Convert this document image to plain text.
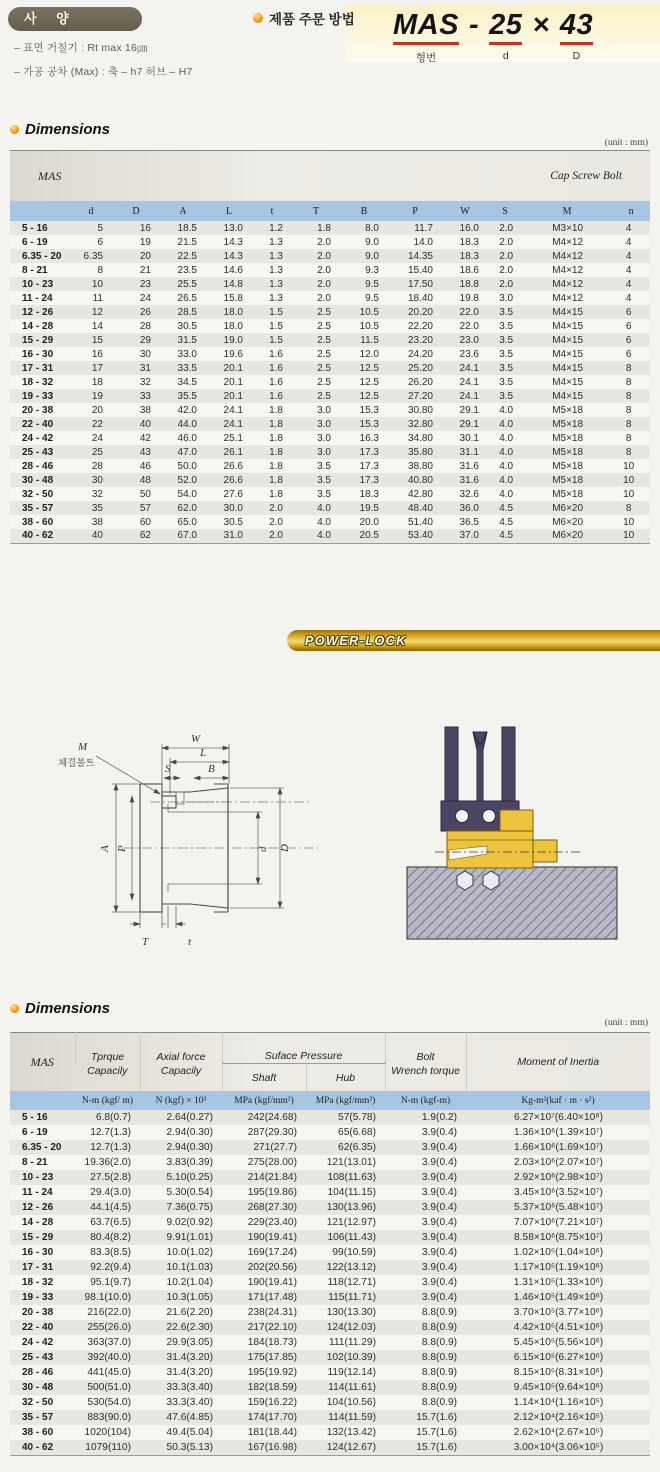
사 양
– 표면 거칠기 : Rt max 16㎛
– 가공 공차 (Max) : 축 – h7 허브 – H7
제품 주문 방법 MAS
형번
- 25
d
× 43
D
Dimensions
(unit : mm)
MAS											Cap Screw Bolt	
	d	D	A	L	t	T	B	P	W	S	M	n
5 - 16	5	16	18.5	13.0	1.2	1.8	8.0	11.7	16.0	2.0	M3×10	4
6 - 19	6	19	21.5	14.3	1.3	2.0	9.0	14.0	18.3	2.0	M4×12	4
6.35 - 20	6.35	20	22.5	14.3	1.3	2.0	9.0	14.35	18.3	2.0	M4×12	4
8 - 21	8	21	23.5	14.6	1.3	2.0	9.3	15.40	18.6	2.0	M4×12	4
10 - 23	10	23	25.5	14.8	1.3	2.0	9.5	17.50	18.8	2.0	M4×12	4
11 - 24	11	24	26.5	15.8	1.3	2.0	9.5	18.40	19.8	3.0	M4×12	4
12 - 26	12	26	28.5	18.0	1.5	2.5	10.5	20.20	22.0	3.5	M4×15	6
14 - 28	14	28	30.5	18.0	1.5	2.5	10.5	22.20	22.0	3.5	M4×15	6
15 - 29	15	29	31.5	19.0	1.5	2.5	11.5	23.20	23.0	3.5	M4×15	6
16 - 30	16	30	33.0	19.6	1.6	2.5	12.0	24.20	23.6	3.5	M4×15	6
17 - 31	17	31	33.5	20.1	1.6	2.5	12.5	25.20	24.1	3.5	M4×15	8
18 - 32	18	32	34.5	20.1	1.6	2.5	12.5	26.20	24.1	3.5	M4×15	8
19 - 33	19	33	35.5	20.1	1.6	2.5	12.5	27.20	24.1	3.5	M4×15	8
20 - 38	20	38	42.0	24.1	1.8	3.0	15.3	30.80	29.1	4.0	M5×18	8
22 - 40	22	40	44.0	24.1	1.8	3.0	15.3	32.80	29.1	4.0	M5×18	8
24 - 42	24	42	46.0	25.1	1.8	3.0	16.3	34.80	30.1	4.0	M5×18	8
25 - 43	25	43	47.0	26.1	1.8	3.0	17.3	35.80	31.1	4.0	M5×18	8
28 - 46	28	46	50.0	26.6	1.8	3.5	17.3	38.80	31.6	4.0	M5×18	10
30 - 48	30	48	52.0	26.6	1.8	3.5	17.3	40.80	31.6	4.0	M5×18	10
32 - 50	32	50	54.0	27.6	1.8	3.5	18.3	42.80	32.6	4.0	M5×18	10
35 - 57	35	57	62.0	30.0	2.0	4.0	19.5	48.40	36.0	4.5	M6×20	8
38 - 60	38	60	65.0	30.5	2.0	4.0	20.0	51.40	36.5	4.5	M6×20	10
40 - 62	40	62	67.0	31.0	2.0	4.0	20.5	53.40	37.0	4.5	M6×20	10
POWER-LOCK
W
L
S	B
A P	d D
T	t
M
체결볼트
Dimensions
(unit : mm)
MAS	Tprque	Axial force	Suface Pressure		Bolt	Moment of Inertia
	Capacily	Capacily	Shaft	Hub	Wrench torque	
	N-m (kgf/ m)	N (kgf) × 10³	MPa (kgf/mm²)	MPa (kgf/mm²)	N-m (kgf-m)	Kg-m²(kaf · m · s²)
5 - 16	6.8(0.7)	2.64(0.27)	242(24.68)	57(5.78)	1.9(0.2)	6.27×10⁷(6.40×10⁸)
6 - 19	12.7(1.3)	2.94(0.30)	287(29.30)	65(6.68)	3.9(0.4)	1.36×10⁶(1.39×10⁷)
6.35 - 20	12.7(1.3)	2.94(0.30)	271(27.7)	62(6.35)	3.9(0.4)	1.66×10⁶(1.69×10⁷)
8 - 21	19.36(2.0)	3.83(0.39)	275(28.00)	121(13.01)	3.9(0.4)	2.03×10⁶(2.07×10⁷)
10 - 23	27.5(2.8)	5.10(0.25)	214(21.84)	108(11.63)	3.9(0.4)	2.92×10⁶(2.98×10⁷)
11 - 24	29.4(3.0)	5.30(0.54)	195(19.86)	104(11.15)	3.9(0.4)	3.45×10⁶(3.52×10⁷)
12 - 26	44.1(4.5)	7.36(0.75)	268(27.30)	130(13.96)	3.9(0.4)	5.37×10⁶(5.48×10⁷)
14 - 28	63.7(6.5)	9.02(0.92)	229(23.40)	121(12.97)	3.9(0.4)	7.07×10⁶(7.21×10⁷)
15 - 29	80.4(8.2)	9.91(1.01)	190(19.41)	106(11.43)	3.9(0.4)	8.58×10⁶(8.75×10⁷)
16 - 30	83.3(8.5)	10.0(1.02)	169(17.24)	99(10.59)	3.9(0.4)	1.02×10⁵(1.04×10⁶)
17 - 31	92.2(9.4)	10.1(1.03)	202(20.56)	122(13.12)	3.9(0.4)	1.17×10⁵(1.19×10⁶)
18 - 32	95.1(9.7)	10.2(1.04)	190(19.41)	118(12.71)	3.9(0.4)	1.31×10⁵(1.33×10⁶)
19 - 33	98.1(10.0)	10.3(1.05)	171(17.48)	115(11.71)	3.9(0.4)	1.46×10⁵(1.49×10⁶)
20 - 38	216(22.0)	21.6(2.20)	238(24.31)	130(13.30)	8.8(0.9)	3.70×10⁵(3.77×10⁶)
22 - 40	255(26.0)	22.6(2.30)	217(22.10)	124(12.03)	8.8(0.9)	4.42×10⁵(4.51×10⁶)
24 - 42	363(37.0)	29.9(3.05)	184(18.73)	111(11.29)	8.8(0.9)	5.45×10⁵(5.56×10⁶)
25 - 43	392(40.0)	31.4(3.20)	175(17.85)	102(10.39)	8.8(0.9)	6.15×10⁵(6.27×10⁶)
28 - 46	441(45.0)	31.4(3.20)	195(19.92)	119(12.14)	8.8(0.9)	8.15×10⁵(8.31×10⁶)
30 - 48	500(51.0)	33.3(3.40)	182(18.59)	114(11.61)	8.8(0.9)	9.45×10⁵(9.64×10⁶)
32 - 50	530(54.0)	33.3(3.40)	159(16.22)	104(10.56)	8.8(0.9)	1.14×10⁴(1.16×10⁵)
35 - 57	883(90.0)	47.6(4.85)	174(17.70)	114(11.59)	15.7(1.6)	2.12×10⁴(2.16×10⁵)
38 - 60	1020(104)	49.4(5.04)	181(18.44)	132(13.42)	15.7(1.6)	2.62×10⁴(2.67×10⁵)
40 - 62	1079(110)	50.3(5.13)	167(16.98)	124(12.67)	15.7(1.6)	3.00×10⁴(3.06×10⁵)
